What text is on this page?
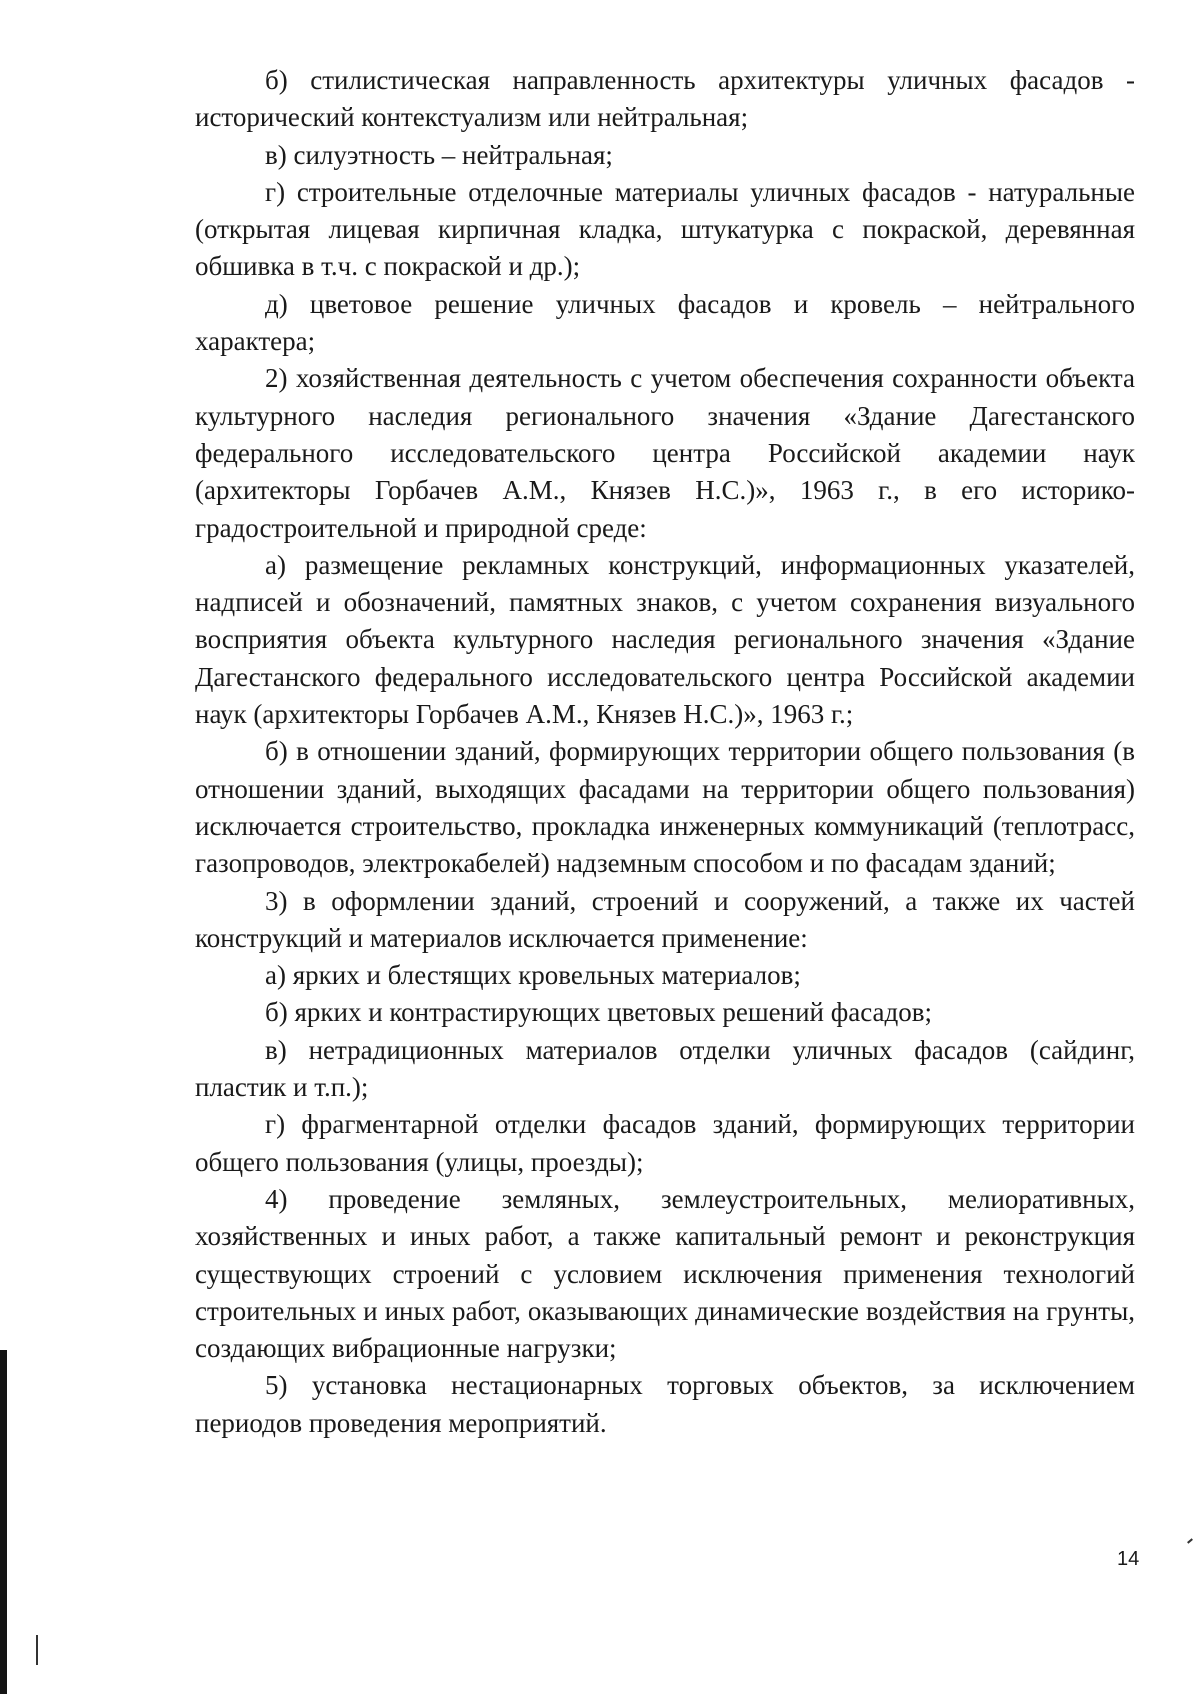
б) стилистическая направленность архитектуры уличных фасадов - исторический контекстуализм или нейтральная;

в) силуэтность – нейтральная;

г) строительные отделочные материалы уличных фасадов - натуральные (открытая лицевая кирпичная кладка, штукатурка с покраской, деревянная обшивка в т.ч. с покраской и др.);

д) цветовое решение уличных фасадов и кровель – нейтрального характера;

2) хозяйственная деятельность с учетом обеспечения сохранности объекта культурного наследия регионального значения «Здание Дагестанского федерального исследовательского центра Российской академии наук (архитекторы Горбачев А.М., Князев Н.С.)», 1963 г., в его историко-градостроительной и природной среде:

а) размещение рекламных конструкций, информационных указателей, надписей и обозначений, памятных знаков, с учетом сохранения визуального восприятия объекта культурного наследия регионального значения «Здание Дагестанского федерального исследовательского центра Российской академии наук (архитекторы Горбачев А.М., Князев Н.С.)», 1963 г.;

б) в отношении зданий, формирующих территории общего пользования (в отношении зданий, выходящих фасадами на территории общего пользования) исключается строительство, прокладка инженерных коммуникаций (теплотрасс, газопроводов, электрокабелей) надземным способом и по фасадам зданий;

3) в оформлении зданий, строений и сооружений, а также их частей конструкций и материалов исключается применение:

а) ярких и блестящих кровельных материалов;

б) ярких и контрастирующих цветовых решений фасадов;

в) нетрадиционных материалов отделки уличных фасадов (сайдинг, пластик и т.п.);

г) фрагментарной отделки фасадов зданий, формирующих территории общего пользования (улицы, проезды);

4) проведение земляных, землеустроительных, мелиоративных, хозяйственных и иных работ, а также капитальный ремонт и реконструкция существующих строений с условием исключения применения технологий строительных и иных работ, оказывающих динамические воздействия на грунты, создающих вибрационные нагрузки;

5) установка нестационарных торговых объектов, за исключением периодов проведения мероприятий.

14
